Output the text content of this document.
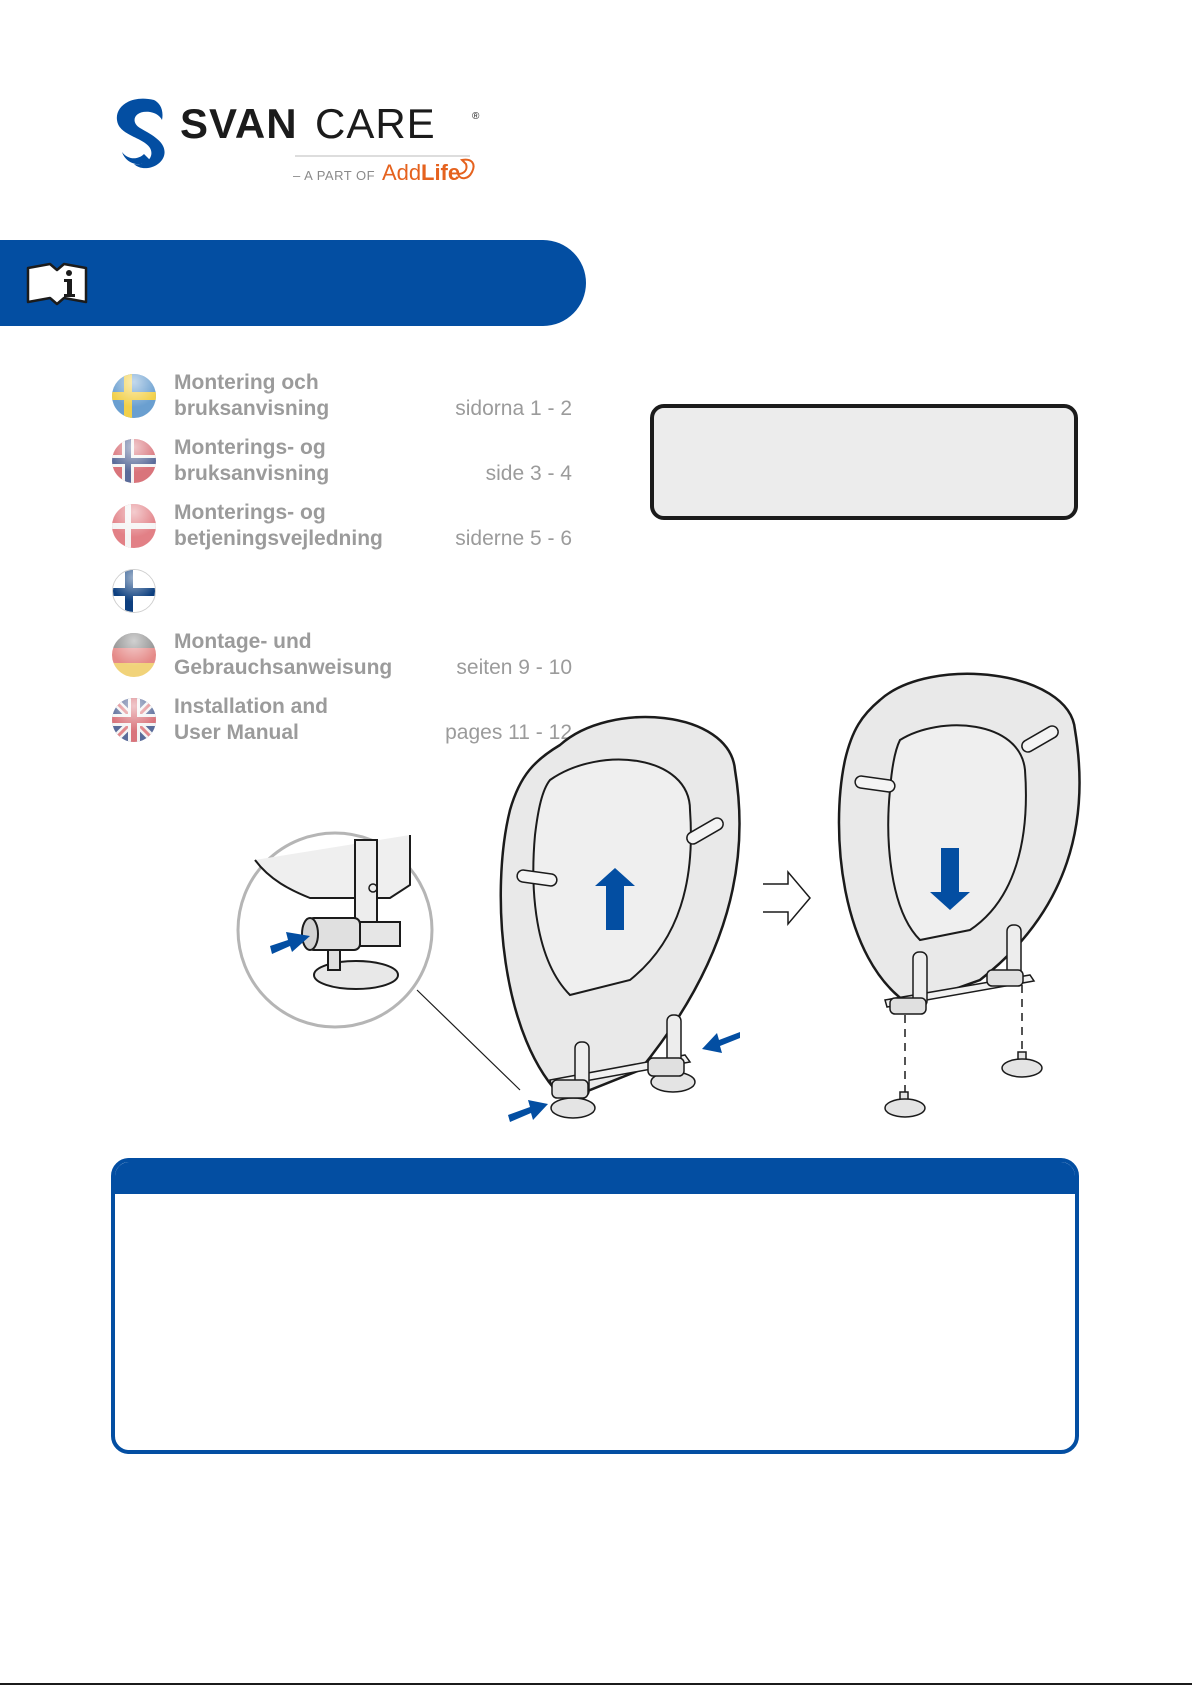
SVAN CARE	®
– A PART OF Add Life
Montering och
bruksanvisning	sidorna 1 - 2
Monterings- og
bruksanvisning	side 3 - 4
Monterings- og
betjeningsvejledning	siderne 5 - 6
Montage- und
Gebrauchsanweisung	seiten 9 - 10
Installation and
User Manual	pages 11 - 12
